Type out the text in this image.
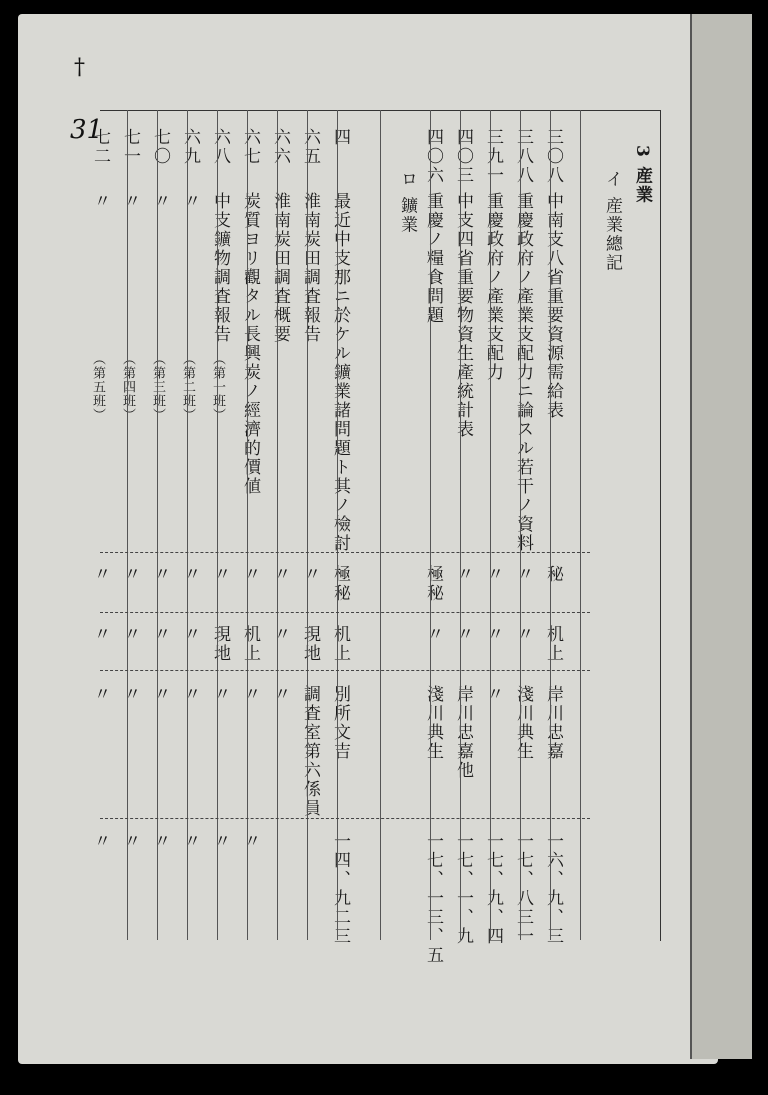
†
31
3 産業
イ 産業總記
ロ 鑛業
三〇八
中南支八省重要資源需給表
秘
机上
岸川忠嘉
一六、九、三
三八八
重慶政府ノ產業支配力ニ論スル若干ノ資料
〃
〃
淺川典生
一七、八三一
三九一
重慶政府ノ產業支配力
〃
〃
〃
一七、九、四
四〇三
中支四省重要物資生產統計表
〃
〃
岸川忠嘉他
一七、一、九
四〇六
重慶ノ糧食問題
極秘
〃
淺川典生
一七、一三、五
四
最近中支那ニ於ケル鑛業諸問題ト其ノ檢討
極秘
机上
別所文吉
一四、九二三
六五
淮南炭田調査報告
〃
現地
調査室第六係員
六六
淮南炭田調査概要
〃
〃
〃
六七
炭質ヨリ觀タル長興炭ノ經濟的價値
〃
机上
〃
〃
六八
中支鑛物調査報告
（第一班）
〃
現地
〃
〃
六九
〃
（第二班）
〃
〃
〃
〃
七〇
〃
（第三班）
〃
〃
〃
〃
七一
〃
（第四班）
〃
〃
〃
〃
七二
〃
（第五班）
〃
〃
〃
〃
